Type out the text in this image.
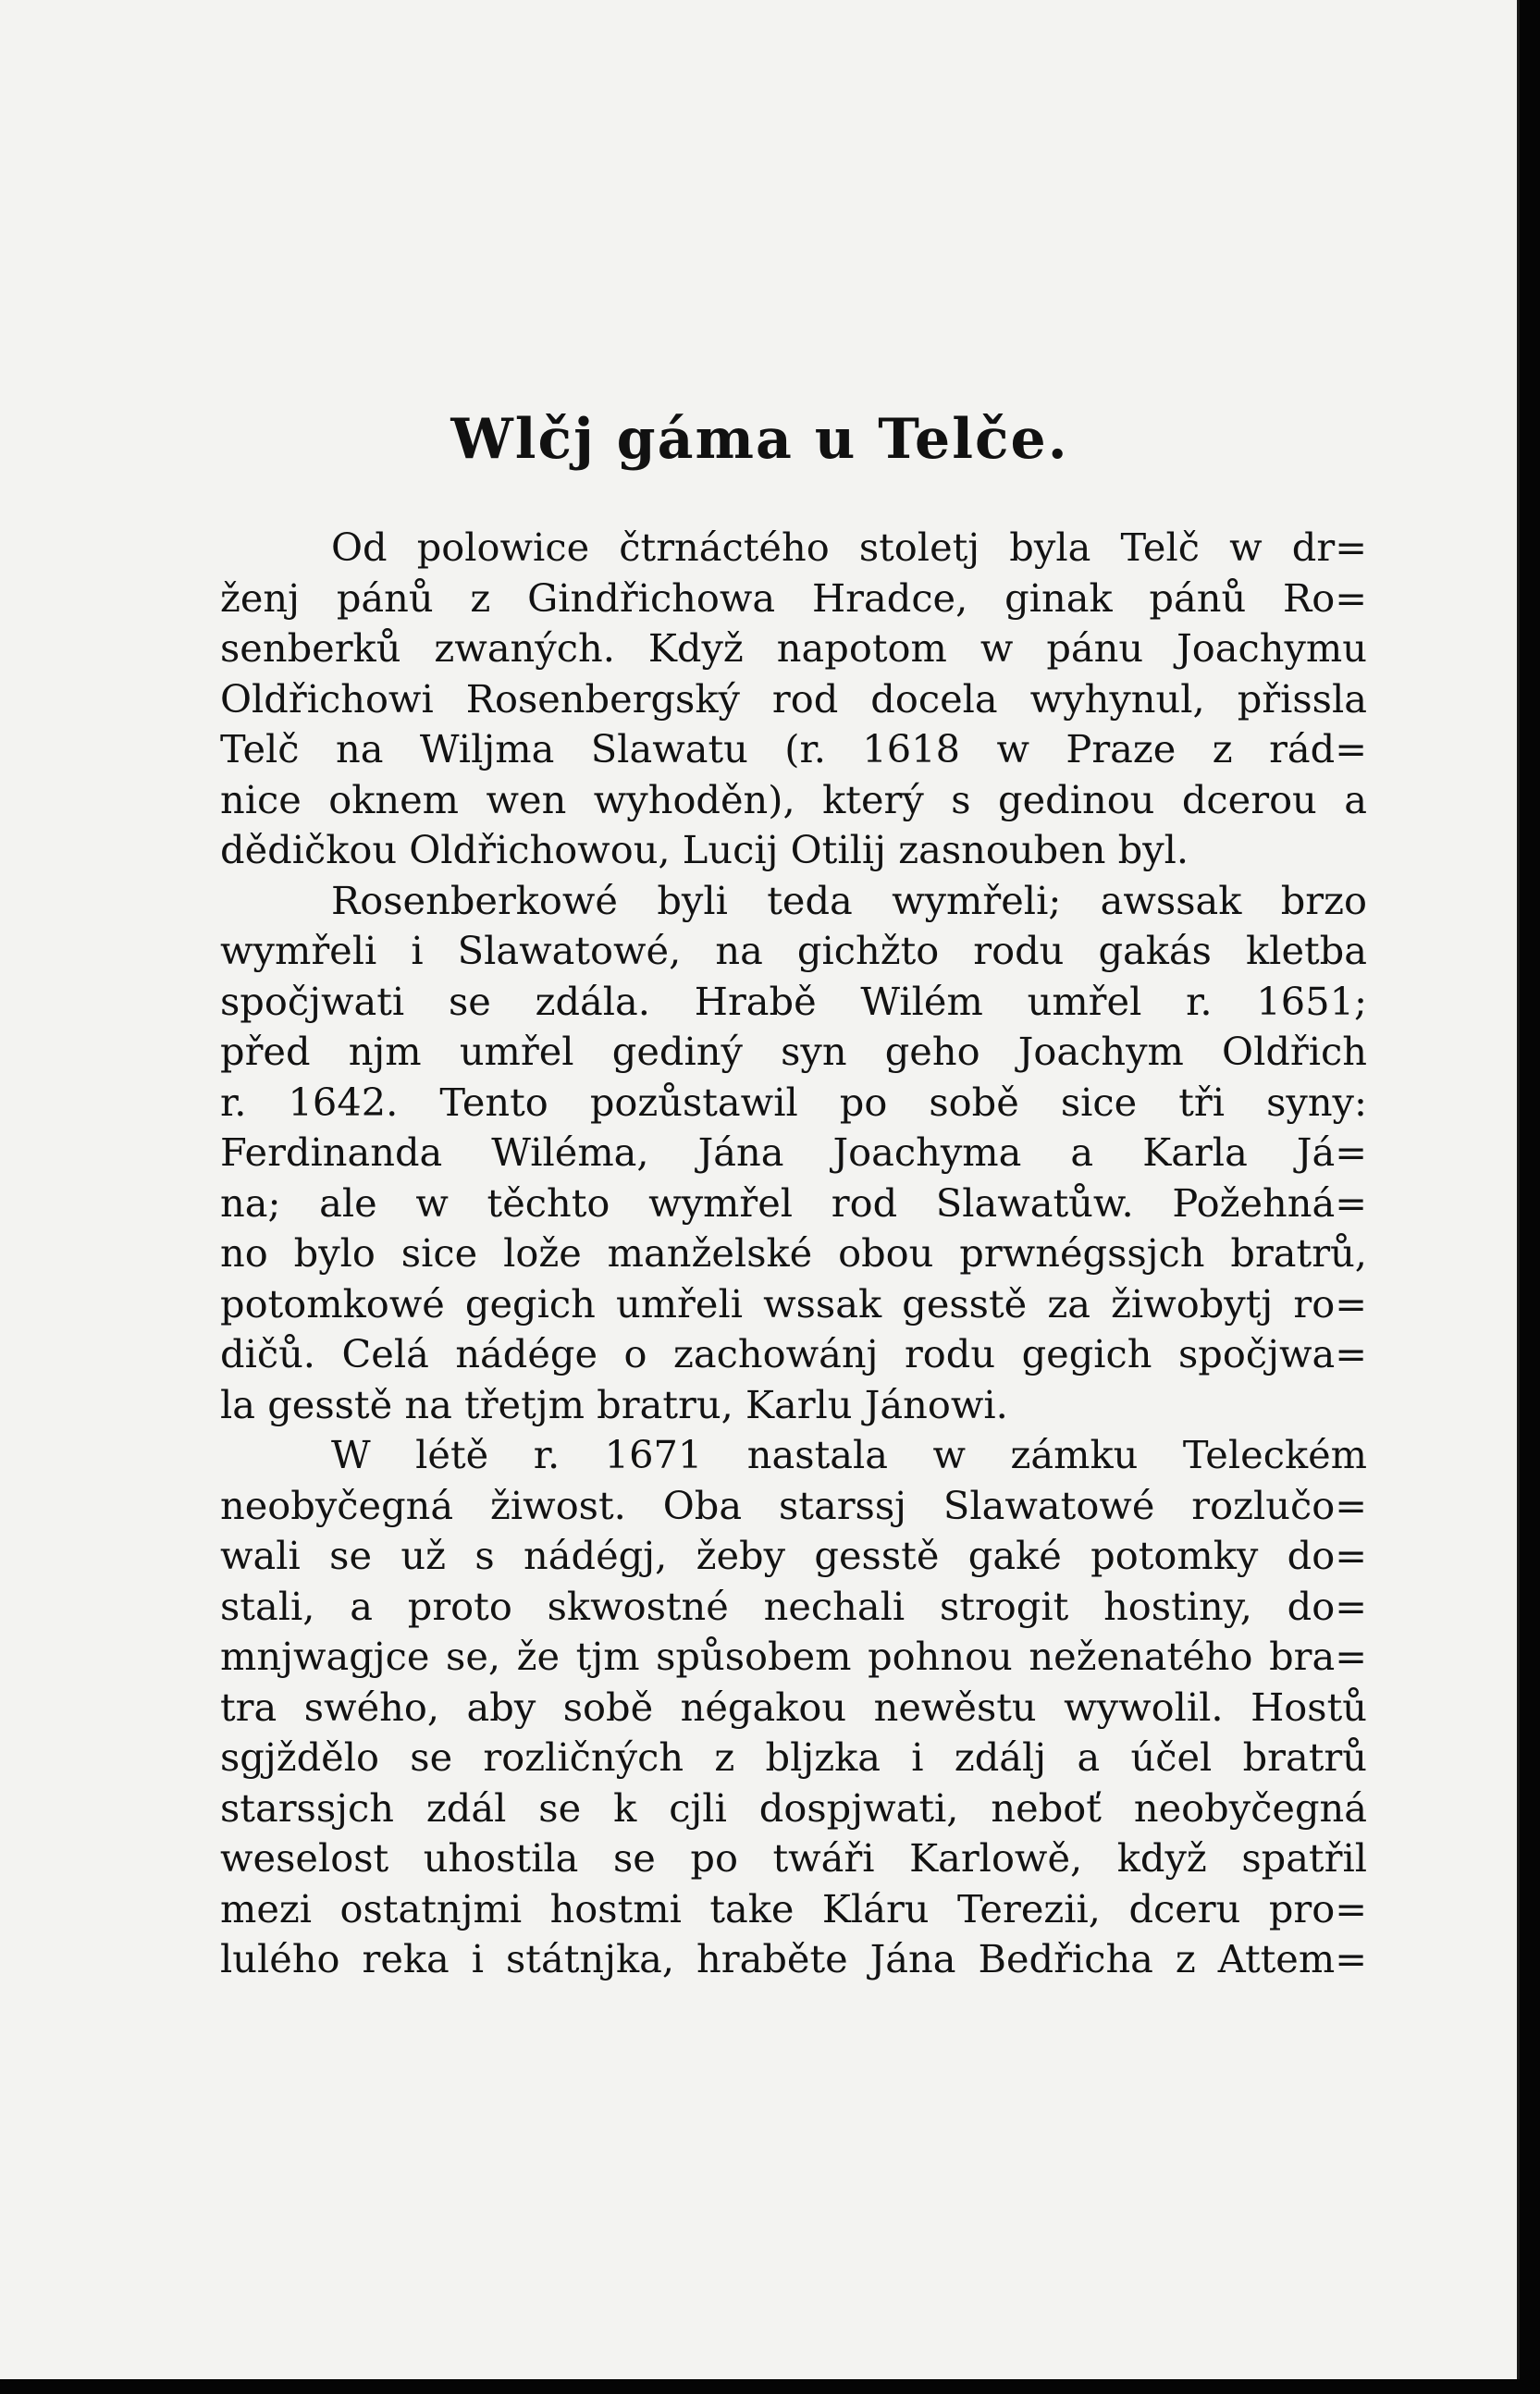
Wlčj gáma u Telče.
Od polowice čtrnáctého stoletj byla Telč w dr=
ženj pánů z Gindřichowa Hradce, ginak pánů Ro=
senberků zwaných. Když napotom w pánu Joachymu
Oldřichowi Rosenbergský rod docela wyhynul, přissla
Telč na Wiljma Slawatu (r. 1618 w Praze z rád=
nice oknem wen wyhoděn), který s gedinou dcerou a
dědičkou Oldřichowou, Lucij Otilij zasnouben byl.
Rosenberkowé byli teda wymřeli; awssak brzo
wymřeli i Slawatowé, na gichžto rodu gakás kletba
spočjwati se zdála. Hrabě Wilém umřel r. 1651;
před njm umřel gediný syn geho Joachym Oldřich
r. 1642. Tento pozůstawil po sobě sice tři syny:
Ferdinanda Wiléma, Jána Joachyma a Karla Já=
na; ale w těchto wymřel rod Slawatůw. Požehná=
no bylo sice lože manželské obou prwnégssjch bratrů,
potomkowé gegich umřeli wssak gesstě za žiwobytj ro=
dičů. Celá nádége o zachowánj rodu gegich spočjwa=
la gesstě na třetjm bratru, Karlu Jánowi.
W létě r. 1671 nastala w zámku Teleckém
neobyčegná žiwost. Oba starssj Slawatowé rozlučo=
wali se už s nádégj, žeby gesstě gaké potomky do=
stali, a proto skwostné nechali strogit hostiny, do=
mnjwagjce se, že tjm spůsobem pohnou neženatého bra=
tra swého, aby sobě négakou newěstu wywolil. Hostů
sgjždělo se rozličných z bljzka i zdálj a účel bratrů
starssjch zdál se k cjli dospjwati, neboť neobyčegná
weselost uhostila se po twáři Karlowě, když spatřil
mezi ostatnjmi hostmi take Kláru Terezii, dceru pro=
lulého reka i státnjka, hraběte Jána Bedřicha z Attem=
